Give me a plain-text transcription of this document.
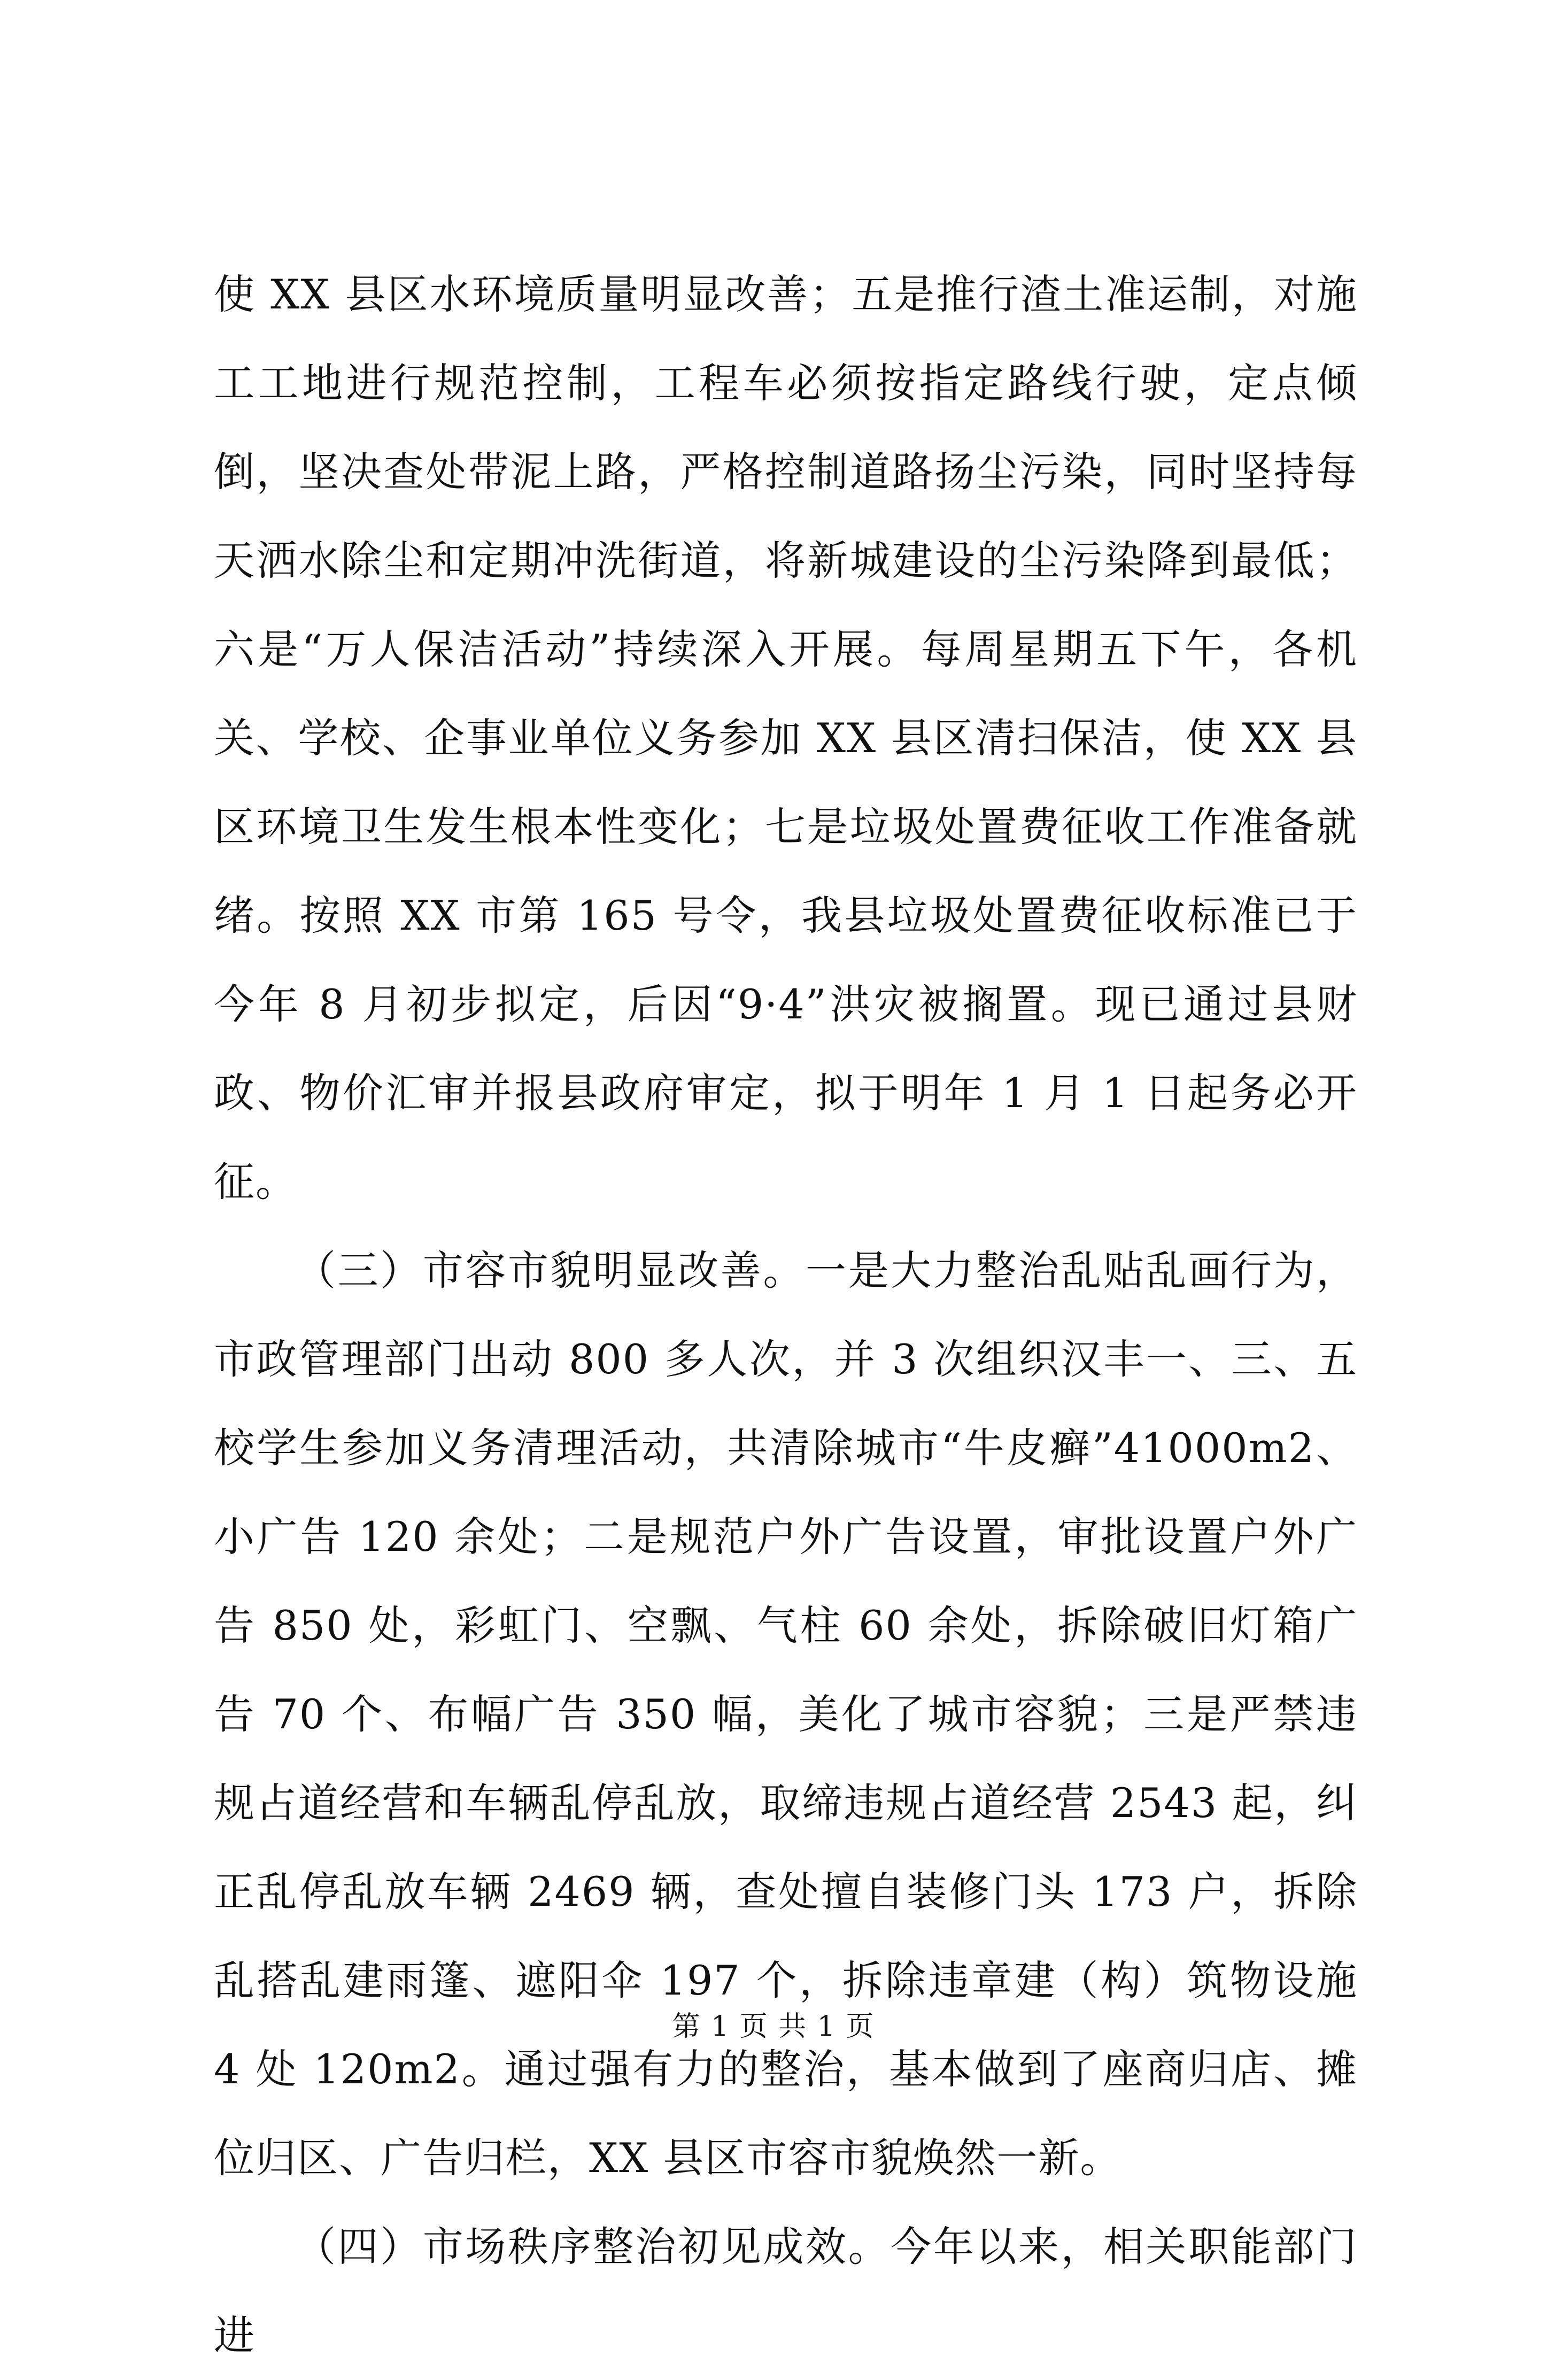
使 XX 县区水环境质量明显改善；五是推行渣土准运制，对施工工地进行规范控制，工程车必须按指定路线行驶，定点倾倒，坚决查处带泥上路，严格控制道路扬尘污染，同时坚持每天洒水除尘和定期冲洗街道，将新城建设的尘污染降到最低；六是“万人保洁活动”持续深入开展。每周星期五下午，各机关、学校、企事业单位义务参加 XX 县区清扫保洁，使 XX 县区环境卫生发生根本性变化；七是垃圾处置费征收工作准备就绪。按照 XX 市第 165 号令，我县垃圾处置费征收标准已于今年 8 月初步拟定，后因“9·4”洪灾被搁置。现已通过县财政、物价汇审并报县政府审定，拟于明年 1 月 1 日起务必开征。

（三）市容市貌明显改善。一是大力整治乱贴乱画行为，市政管理部门出动 800 多人次，并 3 次组织汉丰一、三、五校学生参加义务清理活动，共清除城市“牛皮癣”41000m2、小广告 120 余处；二是规范户外广告设置，审批设置户外广告 850 处，彩虹门、空飘、气柱 60 余处，拆除破旧灯箱广告 70 个、布幅广告 350 幅，美化了城市容貌；三是严禁违规占道经营和车辆乱停乱放，取缔违规占道经营 2543 起，纠正乱停乱放车辆 2469 辆，查处擅自装修门头 173 户，拆除乱搭乱建雨篷、遮阳伞 197 个，拆除违章建（构）筑物设施 4 处 120m2。通过强有力的整治，基本做到了座商归店、摊位归区、广告归栏，XX 县区市容市貌焕然一新。

（四）市场秩序整治初见成效。今年以来，相关职能部门进

第 1 页 共 1 页
